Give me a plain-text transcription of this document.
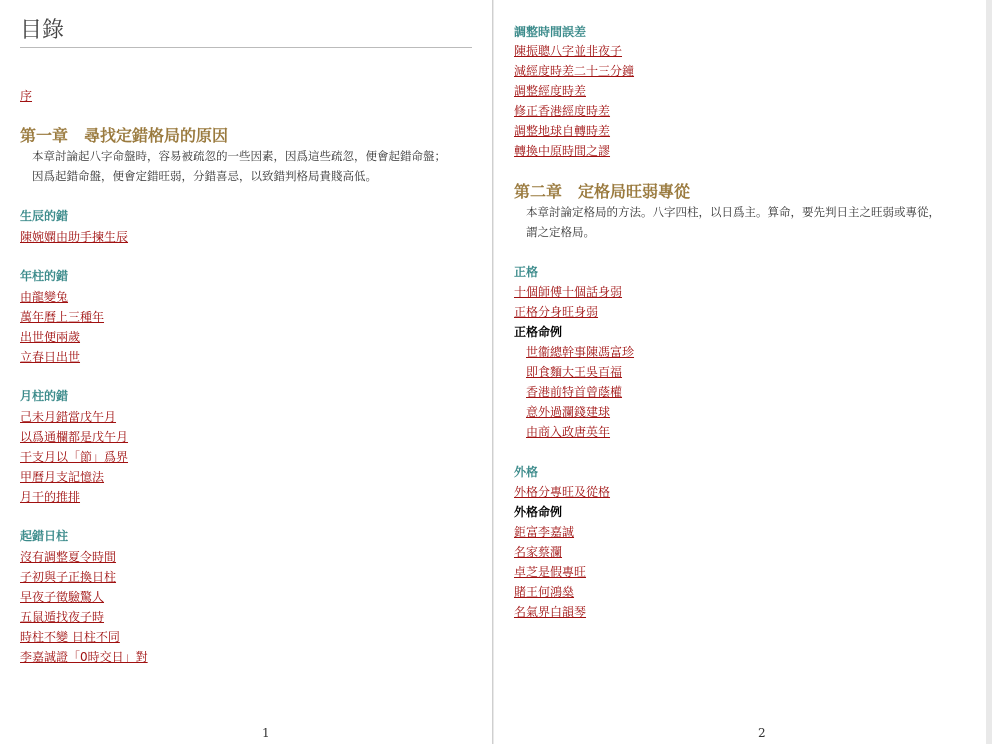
目錄
序
第一章　尋找定錯格局的原因
本章討論起八字命盤時，容易被疏忽的一些因素，因爲這些疏忽，便會起錯命盤；
因爲起錯命盤，便會定錯旺弱，分錯喜忌，以致錯判格局貴賤高低。
生辰的錯
陳婉嫻由助手揀生辰
年柱的錯
由龍變兔
萬年曆上三種年
出世便兩歲
立春日出世
月柱的錯
己未月錯當戊午月
以爲通欄都是戊午月
干支月以「節」爲界
甲曆月支記憶法
月干的推排
起錯日柱
沒有調整夏令時間
子初與子正換日柱
早夜子徵驗驚人
五鼠遁找夜子時
時柱不變 日柱不同
李嘉誠證「0時交日」對
1
調整時間誤差
陳振聰八字並非夜子
減經度時差二十三分鐘
調整經度時差
修正香港經度時差
調整地球自轉時差
轉換中原時間之謬
第二章　定格局旺弱專從
本章討論定格局的方法。八字四柱，以日爲主。算命，要先判日主之旺弱或專從，
謂之定格局。
正格
十個師傅十個話身弱
正格分身旺身弱
正格命例
世衞總幹事陳馮富珍
即食麵大王吳百福
香港前特首曾蔭權
意外過瀾錢建球
由商入政唐英年
外格
外格分專旺及從格
外格命例
鉅富李嘉誠
名家蔡瀾
卓芝是假專旺
賭王何鴻燊
名氣界白韻琴
2
